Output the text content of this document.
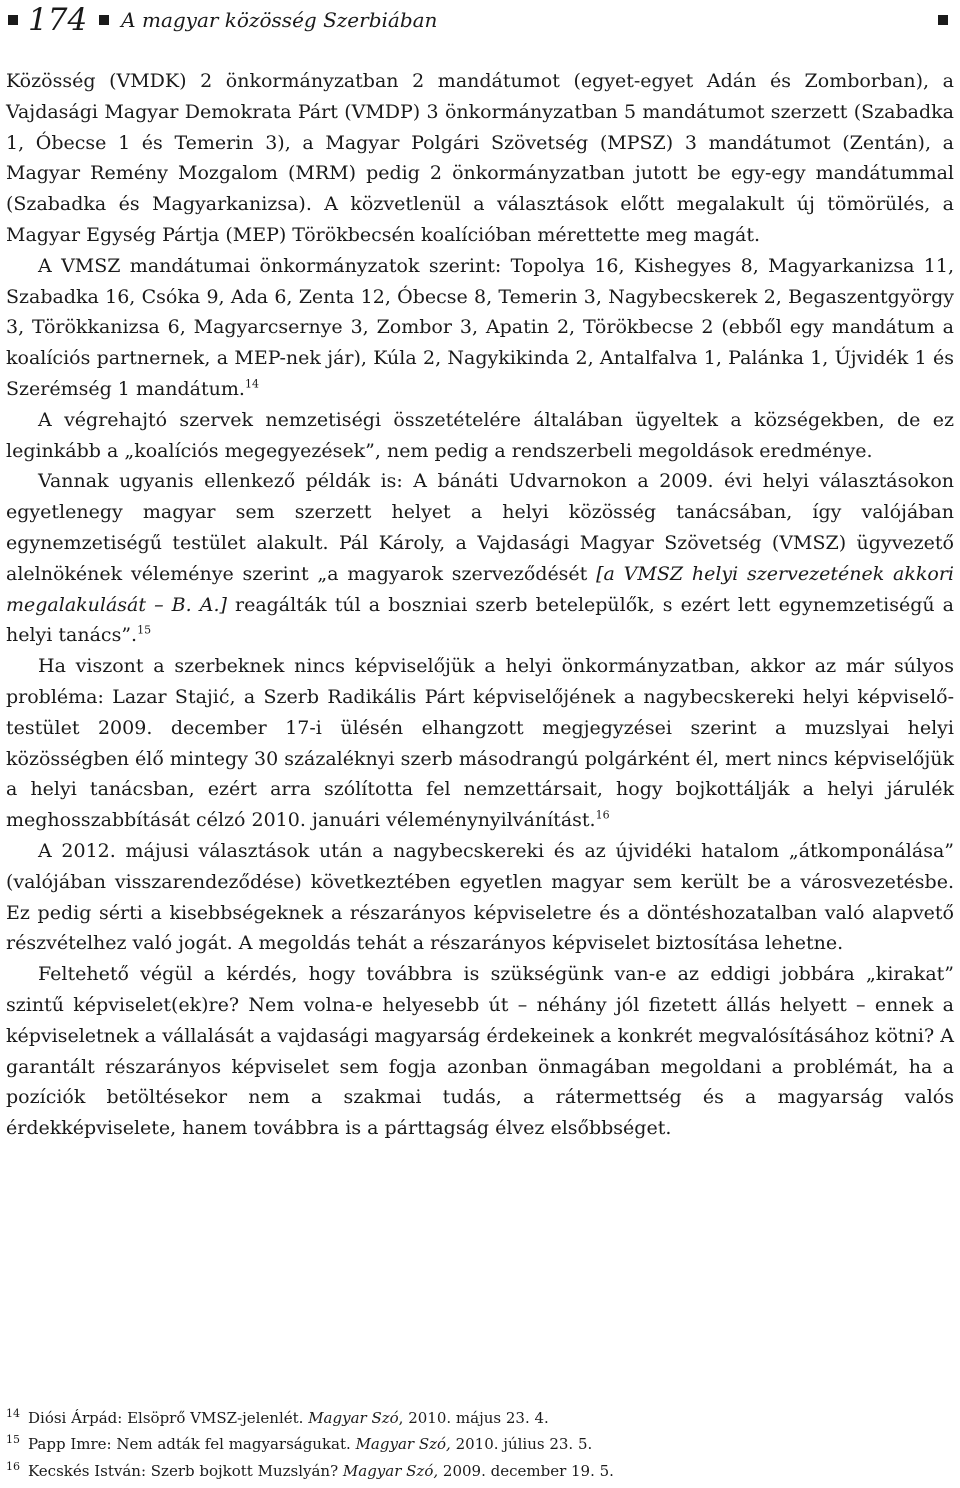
174 A magyar közösség Szerbiában

Közösség (VMDK) 2 önkormányzatban 2 mandátumot (egyet-egyet Adán és Zomborban), a Vajdasági Magyar Demokrata Párt (VMDP) 3 önkormányzatban 5 mandátumot szerzett (Szabadka 1, Óbecse 1 és Temerin 3), a Magyar Polgári Szövetség (MPSZ) 3 mandátumot (Zentán), a Magyar Remény Mozgalom (MRM) pedig 2 önkormányzatban jutott be egy-egy mandátummal (Szabadka és Magyarkanizsa). A közvetlenül a választások előtt megalakult új tömörülés, a Magyar Egység Pártja (MEP) Törökbecsén koalícióban mérettette meg magát.

A VMSZ mandátumai önkormányzatok szerint: Topolya 16, Kishegyes 8, Magyarkanizsa 11, Szabadka 16, Csóka 9, Ada 6, Zenta 12, Óbecse 8, Temerin 3, Nagybecskerek 2, Begaszentgyörgy 3, Törökkanizsa 6, Magyarcsernye 3, Zombor 3, Apatin 2, Törökbecse 2 (ebből egy mandátum a koalíciós partnernek, a MEP-nek jár), Kúla 2, Nagykikinda 2, Antalfalva 1, Palánka 1, Újvidék 1 és Szerémség 1 mandátum.$^{14}$

A végrehajtó szervek nemzetiségi összetételére általában ügyeltek a községekben, de ez leginkább a „koalíciós megegyezések”, nem pedig a rendszerbeli megoldások eredménye.

Vannak ugyanis ellenkező példák is: A bánáti Udvarnokon a 2009. évi helyi választásokon egyetlenegy magyar sem szerzett helyet a helyi közösség tanácsában, így valójában egynemzetiségű testület alakult. Pál Károly, a Vajdasági Magyar Szövetség (VMSZ) ügyvezető alelnökének véleménye szerint „a magyarok szerveződését [a VMSZ helyi szervezetének akkori megalakulását – B. A.] reagálták túl a boszniai szerb betelepülők, s ezért lett egynemzetiségű a helyi tanács”.$^{15}$

Ha viszont a szerbeknek nincs képviselőjük a helyi önkormányzatban, akkor az már súlyos probléma: Lazar Stajić, a Szerb Radikális Párt képviselőjének a nagybecskereki helyi képviselő-testület 2009. december 17-i ülésén elhangzott megjegyzései szerint a muzslyai helyi közösségben élő mintegy 30 százaléknyi szerb másodrangú polgárként él, mert nincs képviselőjük a helyi tanácsban, ezért arra szólította fel nemzettársait, hogy bojkottálják a helyi járulék meghosszabbítását célzó 2010. januári véleménynyilvánítást.$^{16}$

A 2012. májusi választások után a nagybecskereki és az újvidéki hatalom „átkomponálása” (valójában visszarendeződése) következtében egyetlen magyar sem került be a városvezetésbe. Ez pedig sérti a kisebbségeknek a részarányos képviseletre és a döntéshozatalban való alapvető részvételhez való jogát. A megoldás tehát a részarányos képviselet biztosítása lehetne.

Feltehető végül a kérdés, hogy továbbra is szükségünk van-e az eddigi jobbára „kirakat” szintű képviselet(ek)re? Nem volna-e helyesebb út – néhány jól fizetett állás helyett – ennek a képviseletnek a vállalását a vajdasági magyarság érdekeinek a konkrét megvalósításához kötni? A garantált részarányos képviselet sem fogja azonban önmagában megoldani a problémát, ha a pozíciók betöltésekor nem a szakmai tudás, a rátermettség és a magyarság valós érdekképviselete, hanem továbbra is a párttagság élvez elsőbbséget.

14 Diósi Árpád: Elsöprő VMSZ-jelenlét. Magyar Szó, 2010. május 23. 4.
15 Papp Imre: Nem adták fel magyarságukat. Magyar Szó, 2010. július 23. 5.
16 Kecskés István: Szerb bojkott Muzslyán? Magyar Szó, 2009. december 19. 5.
